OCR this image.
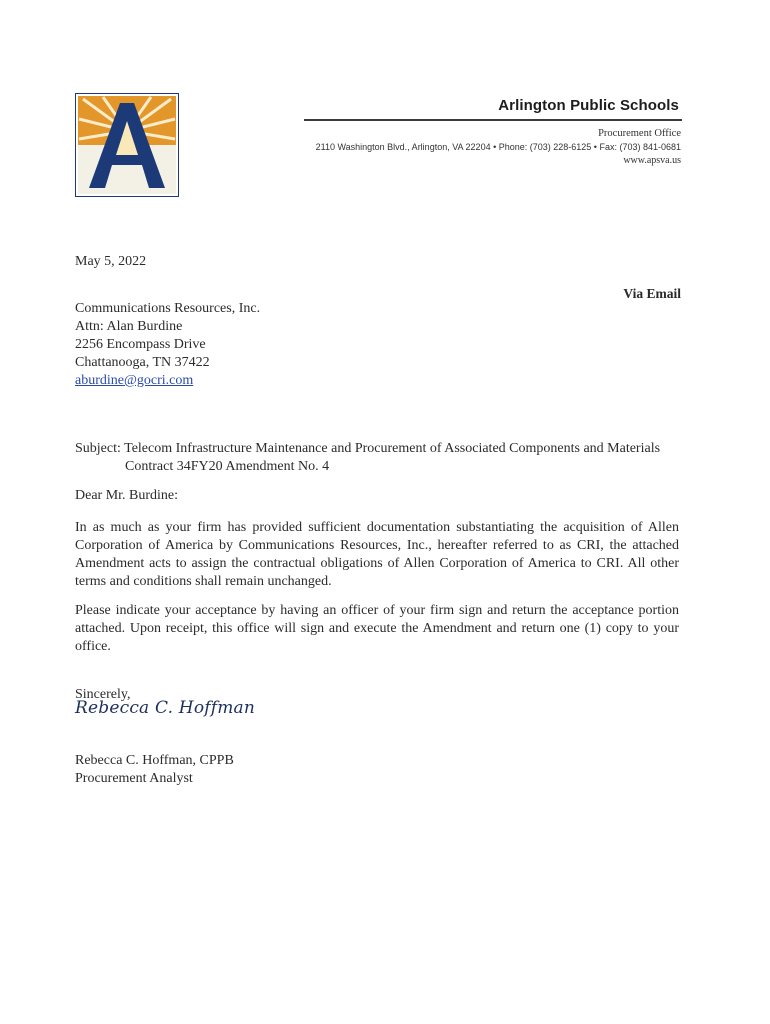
Arlington Public Schools
Procurement Office
2110 Washington Blvd., Arlington, VA 22204 • Phone: (703) 228-6125 • Fax: (703) 841-0681
www.apsva.us
May 5, 2022
Via Email
Communications Resources, Inc.
Attn: Alan Burdine
2256 Encompass Drive
Chattanooga, TN 37422
aburdine@gocri.com
Subject: Telecom Infrastructure Maintenance and Procurement of Associated Components and Materials
Contract 34FY20 Amendment No. 4
Dear Mr. Burdine:
In as much as your firm has provided sufficient documentation substantiating the acquisition of Allen Corporation of America by Communications Resources, Inc., hereafter referred to as CRI, the attached Amendment acts to assign the contractual obligations of Allen Corporation of America to CRI. All other terms and conditions shall remain unchanged.
Please indicate your acceptance by having an officer of your firm sign and return the acceptance portion attached. Upon receipt, this office will sign and execute the Amendment and return one (1) copy to your office.
Sincerely,
Rebecca C. Hoffman
Rebecca C. Hoffman, CPPB
Procurement Analyst
